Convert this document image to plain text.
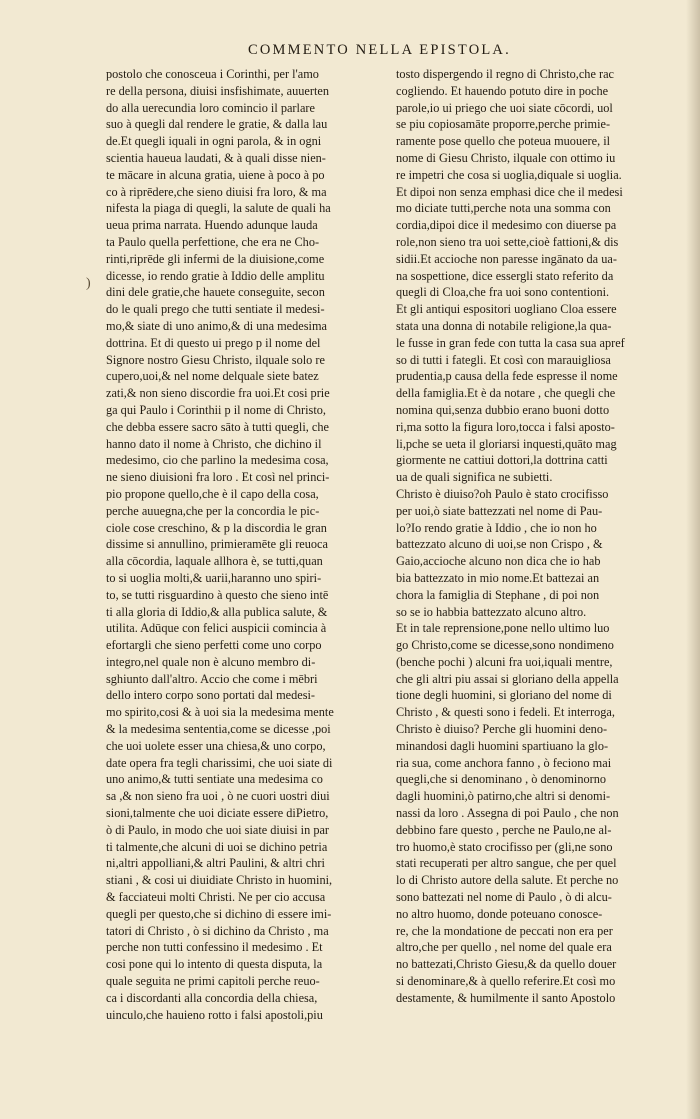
COMMENTO NELLA EPISTOLA.
)
postolo che conosceua i Corinthi, per l'amo
re della persona, diuisi insfishimate, auuerten
do alla uerecundia loro comincio il parlare
suo à quegli dal rendere le gratie, & dalla lau
de.Et quegli iquali in ogni parola, & in ogni
scientia haueua laudati, & à quali disse nien-
te mācare in alcuna gratia, uiene à poco à po
co à riprēdere,che sieno diuisi fra loro, & ma
nifesta la piaga di quegli, la salute de quali ha
ueua prima narrata. Huendo adunque lauda
ta Paulo quella perfettione, che era ne Cho-
rinti,riprēde gli infermi de la diuisione,come
dicesse, io rendo gratie à Iddio delle amplitu
dini dele gratie,che hauete conseguite, secon
do le quali prego che tutti sentiate il medesi-
mo,& siate di uno animo,& di una medesima
dottrina. Et di questo ui prego p il nome del
Signore nostro Giesu Christo, ilquale solo re
cupero,uoi,& nel nome delquale siete batez
zati,& non sieno discordie fra uoi.Et cosi prie
ga qui Paulo i Corinthii p il nome di Christo,
che debba essere sacro sāto à tutti quegli, che
hanno dato il nome à Christo, che dichino il
medesimo, cio che parlino la medesima cosa,
ne sieno diuisioni fra loro . Et così nel princi-
pio propone quello,che è il capo della cosa,
perche auuegna,che per la concordia le pic-
ciole cose creschino, & p la discordia le gran
dissime si annullino, primieramēte gli reuoca
alla cōcordia, laquale allhora è, se tutti,quan
to si uoglia molti,& uarii,haranno uno spiri-
to, se tutti risguardino à questo che sieno intē
ti alla gloria di Iddio,& alla publica salute, &
utilita. Adūque con felici auspicii comincia à
efortargli che sieno perfetti come uno corpo
integro,nel quale non è alcuno membro di-
sghiunto dall'altro. Accio che come i mēbri
dello intero corpo sono portati dal medesi-
mo spirito,cosi & à uoi sia la medesima mente
& la medesima sententia,come se dicesse ,poi
che uoi uolete esser una chiesa,& uno corpo,
date opera fra tegli charissimi, che uoi siate di
uno animo,& tutti sentiate una medesima co
sa ,& non sieno fra uoi , ò ne cuori uostri diui
sioni,talmente che uoi diciate essere diPietro,
ò di Paulo, in modo che uoi siate diuisi in par
ti talmente,che alcuni di uoi se dichino petria
ni,altri appolliani,& altri Paulini, & altri chri
stiani , & cosi ui diuidiate Christo in huomini,
& facciateui molti Christi. Ne per cio accusa
quegli per questo,che si dichino di essere imi-
tatori di Christo , ò si dichino da Christo , ma
perche non tutti confessino il medesimo . Et
cosi pone qui lo intento di questa disputa, la
quale seguita ne primi capitoli perche reuo-
ca i discordanti alla concordia della chiesa,
uinculo,che hauieno rotto i falsi apostoli,piu
tosto dispergendo il regno di Christo,che rac
cogliendo. Et hauendo potuto dire in poche
parole,io ui priego che uoi siate cōcordi, uol
se piu copiosamāte proporre,perche primie-
ramente pose quello che poteua muouere, il
nome di Giesu Christo, ilquale con ottimo iu
re impetri che cosa si uoglia,diquale si uoglia.
Et dipoi non senza emphasi dice che il medesi
mo diciate tutti,perche nota una somma con
cordia,dipoi dice il medesimo con diuerse pa
role,non sieno tra uoi sette,cioè fattioni,& dis
sidii.Et accioche non paresse ingānato da ua-
na sospettione, dice essergli stato referito da
quegli di Cloa,che fra uoi sono contentioni.
Et gli antiqui espositori uogliano Cloa essere
stata una donna di notabile religione,la qua-
le fusse in gran fede con tutta la casa sua apref
so di tutti i fategli. Et così con marauigliosa
prudentia,p causa della fede espresse il nome
della famiglia.Et è da notare , che quegli che
nomina qui,senza dubbio erano buoni dotto
ri,ma sotto la figura loro,tocca i falsi aposto-
li,pche se ueta il gloriarsi inquesti,quāto mag
giormente ne cattiui dottori,la dottrina catti
ua de quali significa ne subietti.
Christo è diuiso?oh Paulo è stato crocifisso
per uoi,ò siate battezzati nel nome di Pau-
lo?Io rendo gratie à Iddio , che io non ho
battezzato alcuno di uoi,se non Crispo , &
Gaio,accioche alcuno non dica che io hab
bia battezzato in mio nome.Et battezai an
chora la famiglia di Stephane , di poi non
so se io habbia battezzato alcuno altro.
Et in tale reprensione,pone nello ultimo luo
go Christo,come se dicesse,sono nondimeno
(benche pochi ) alcuni fra uoi,iquali mentre,
che gli altri piu assai si gloriano della appella
tione degli huomini, si gloriano del nome di
Christo , & questi sono i fedeli. Et interroga,
Christo è diuiso? Perche gli huomini deno-
minandosi dagli huomini spartiuano la glo-
ria sua, come anchora fanno , ò feciono mai
quegli,che si denominano , ò denominorno
dagli huomini,ò patirno,che altri si denomi-
nassi da loro . Assegna di poi Paulo , che non
debbino fare questo , perche ne Paulo,ne al-
tro huomo,è stato crocifisso per (gli,ne sono
stati recuperati per altro sangue, che per quel
lo di Christo autore della salute. Et perche no
sono battezati nel nome di Paulo , ò di alcu-
no altro huomo, donde poteuano conosce-
re, che la mondatione de peccati non era per
altro,che per quello , nel nome del quale era
no battezati,Christo Giesu,& da quello douer
si denominare,& à quello referire.Et così mo
destamente, & humilmente il santo Apostolo
